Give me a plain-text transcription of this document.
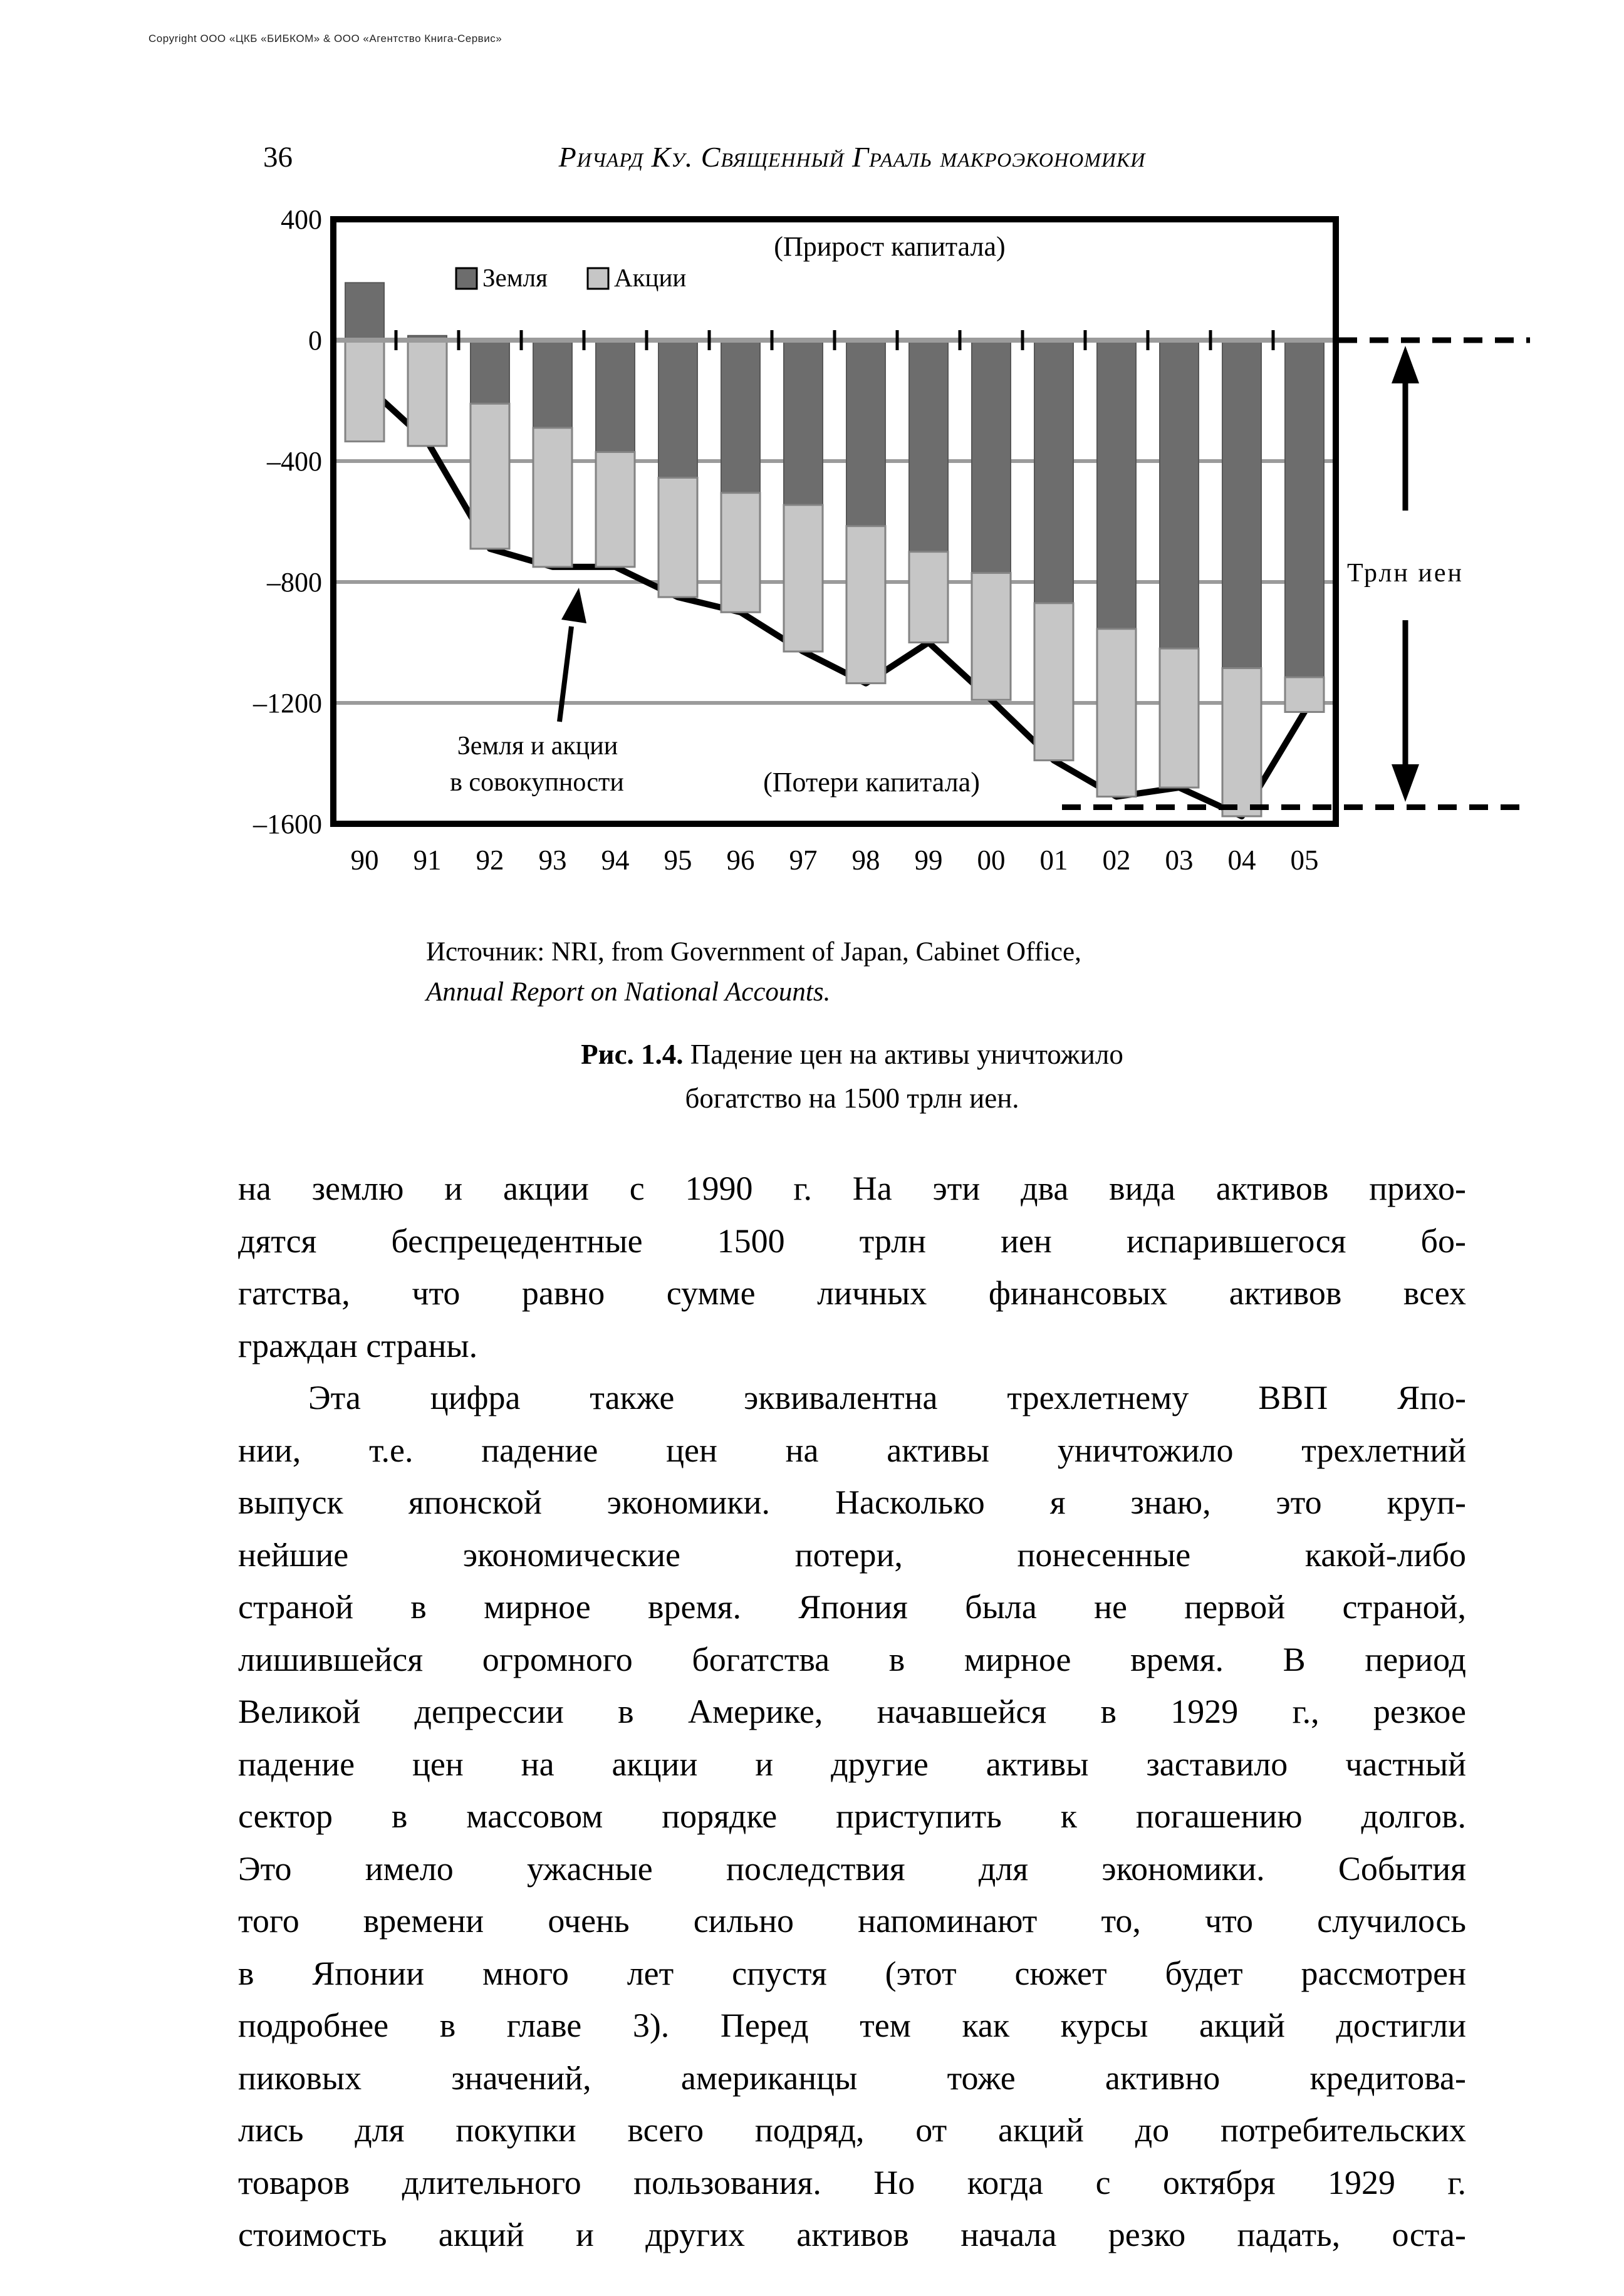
Copyright ООО «ЦКБ «БИБКОМ» & ООО «Агентство Книга-Сервис»
36	Ричард Ку. Священный Грааль макроэкономики
400
0
–400
–800
–1200
–1600
90 91 92 93 94 95 96 97 98 99 00 01 02 03 04 05
Земля	Акции
(Прирост капитала)
(Потери капитала)
Земля и акции
в совокупности
Трлн иен
Источник: NRI, from Government of Japan, Cabinet Office,
Annual Report on National Accounts.
Рис. 1.4. Падение цен на активы уничтожило
богатство на 1500 трлн иен.
на землю и акции с 1990 г. На эти два вида активов прихо-
дятся беспрецедентные 1500 трлн иен испарившегося бо-
гатства, что равно сумме личных финансовых активов всех
граждан страны.
Эта цифра также эквивалентна трехлетнему ВВП Япо-
нии, т.е. падение цен на активы уничтожило трехлетний
выпуск японской экономики. Насколько я знаю, это круп-
нейшие экономические потери, понесенные какой-либо
страной в мирное время. Япония была не первой страной,
лишившейся огромного богатства в мирное время. В период
Великой депрессии в Америке, начавшейся в 1929 г., резкое
падение цен на акции и другие активы заставило частный
сектор в массовом порядке приступить к погашению долгов.
Это имело ужасные последствия для экономики. События
того времени очень сильно напоминают то, что случилось
в Японии много лет спустя (этот сюжет будет рассмотрен
подробнее в главе 3). Перед тем как курсы акций достигли
пиковых значений, американцы тоже активно кредитова-
лись для покупки всего подряд, от акций до потребительских
товаров длительного пользования. Но когда с октября 1929 г.
стоимость акций и других активов начала резко падать, оста-
